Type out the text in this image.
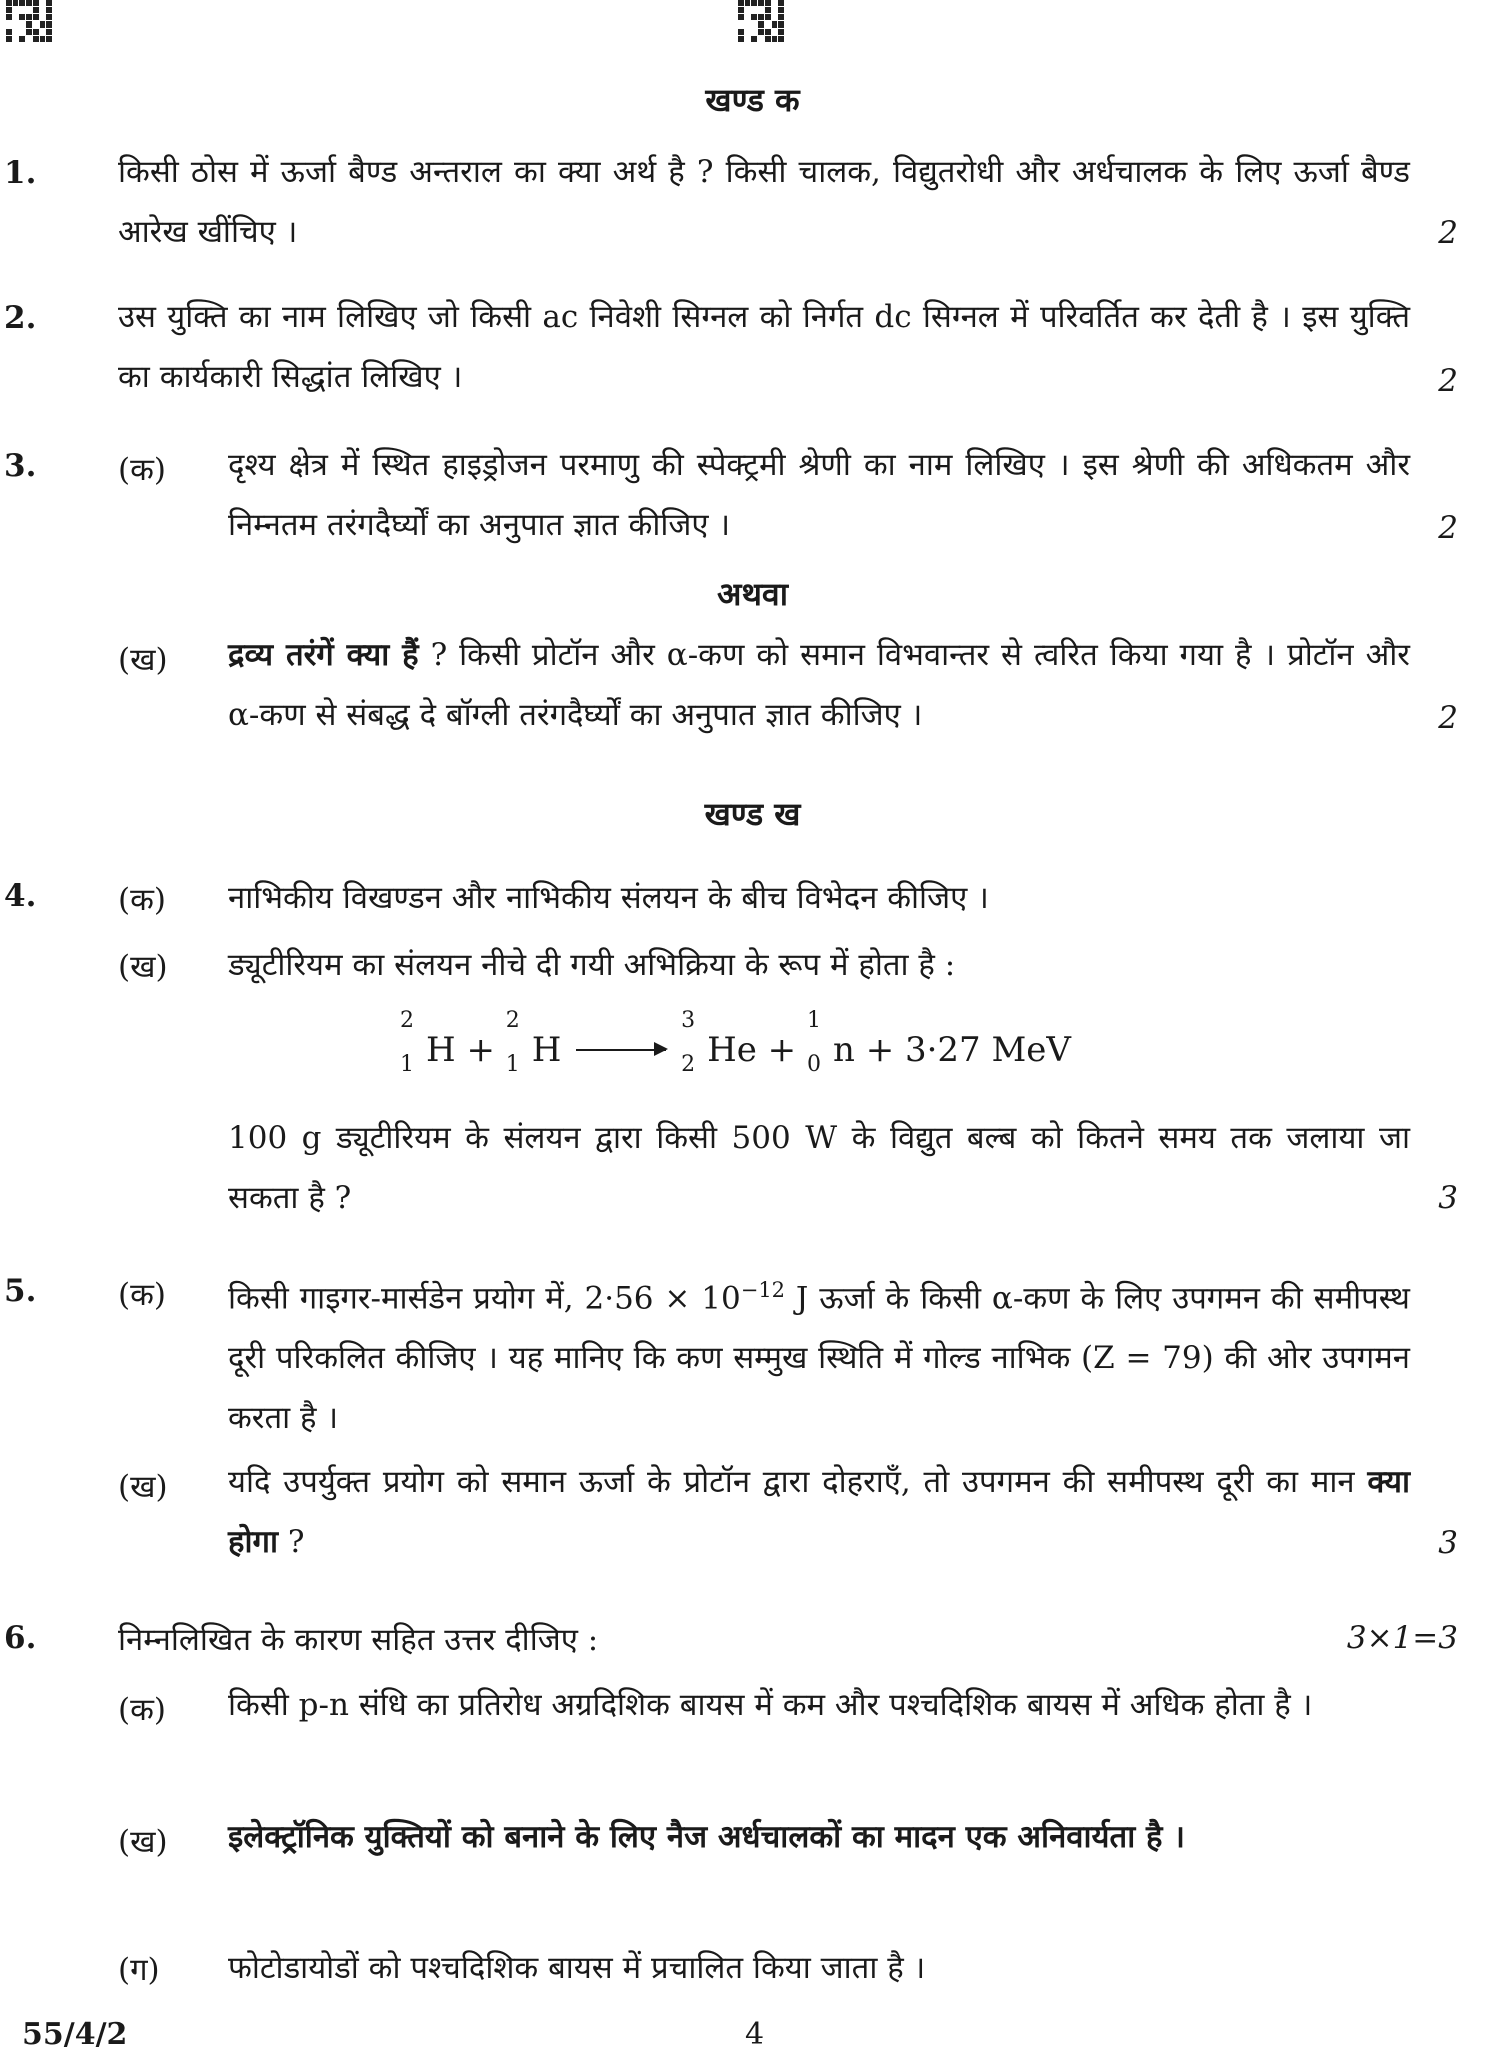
खण्ड क
1.	किसी ठोस में ऊर्जा बैण्ड अन्तराल का क्या अर्थ है ? किसी चालक, विद्युतरोधी और अर्धचालक के लिए ऊर्जा बैण्ड आरेख खींचिए ।	2
2.	उस युक्ति का नाम लिखिए जो किसी ac निवेशी सिग्नल को निर्गत dc सिग्नल में परिवर्तित कर देती है । इस युक्ति का कार्यकारी सिद्धांत लिखिए ।	2
3.	(क) दृश्य क्षेत्र में स्थित हाइड्रोजन परमाणु की स्पेक्ट्रमी श्रेणी का नाम लिखिए । इस श्रेणी की अधिकतम और निम्नतम तरंगदैर्घ्यों का अनुपात ज्ञात कीजिए ।	2
अथवा
(ख) द्रव्य तरंगें क्या हैं ? किसी प्रोटॉन और α-कण को समान विभवान्तर से त्वरित किया गया है । प्रोटॉन और α-कण से संबद्ध दे बॉग्ली तरंगदैर्घ्यों का अनुपात ज्ञात कीजिए ।	2
खण्ड ख
4.	(क) नाभिकीय विखण्डन और नाभिकीय संलयन के बीच विभेदन कीजिए ।
(ख) ड्यूटीरियम का संलयन नीचे दी गयी अभिक्रिया के रूप में होता है :
2
1 H +
2
1 H
3
2 He +
1
0 n + 3·27 MeV
100 g ड्यूटीरियम के संलयन द्वारा किसी 500 W के विद्युत बल्ब को कितने समय तक जलाया जा सकता है ?	3
5.	(क) किसी गाइगर-मार्सडेन प्रयोग में, $2\cdot 56 \times 10^{-12}$ J ऊर्जा के किसी α-कण के लिए उपगमन की समीपस्थ दूरी परिकलित कीजिए । यह मानिए कि कण सम्मुख स्थिति में गोल्ड नाभिक (Z = 79) की ओर उपगमन करता है ।
(ख) यदि उपर्युक्त प्रयोग को समान ऊर्जा के प्रोटॉन द्वारा दोहराएँ, तो उपगमन की समीपस्थ दूरी का मान क्या होगा ?	3
6.	निम्नलिखित के कारण सहित उत्तर दीजिए :	3×1=3
(क) किसी p-n संधि का प्रतिरोध अग्रदिशिक बायस में कम और पश्चदिशिक बायस में अधिक होता है ।
(ख) इलेक्ट्रॉनिक युक्तियों को बनाने के लिए नैज अर्धचालकों का मादन एक अनिवार्यता है ।
(ग) फोटोडायोडों को पश्चदिशिक बायस में प्रचालित किया जाता है ।
55/4/2	4
